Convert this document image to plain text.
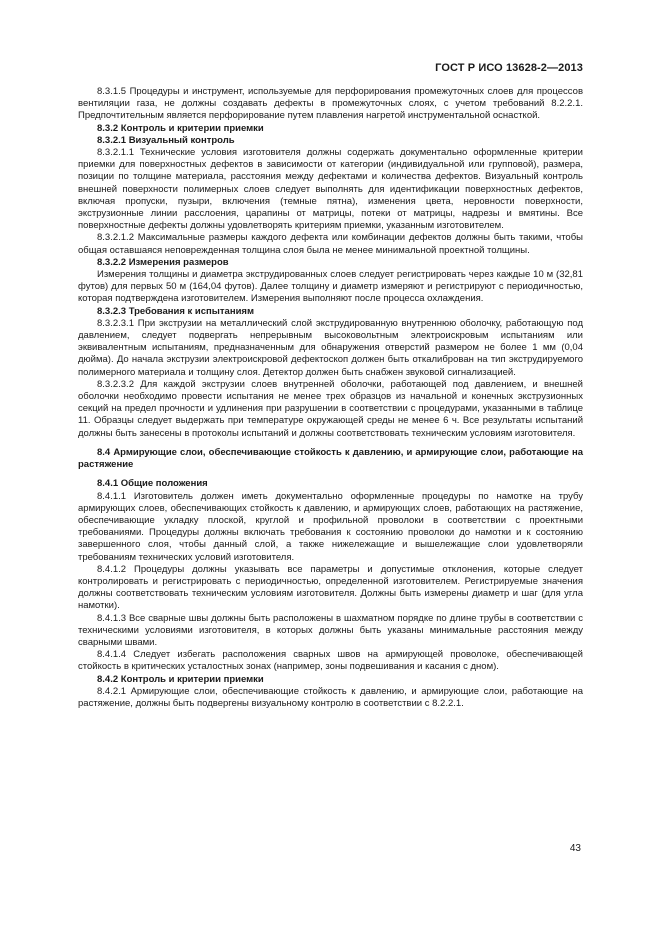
ГОСТ Р ИСО 13628-2—2013

8.3.1.5 Процедуры и инструмент, используемые для перфорирования промежуточных слоев для процессов вентиляции газа, не должны создавать дефекты в промежуточных слоях, с учетом требований 8.2.2.1. Предпочтительным является перфорирование путем плавления нагретой инструментальной оснасткой.

8.3.2 Контроль и критерии приемки

8.3.2.1 Визуальный контроль

8.3.2.1.1 Технические условия изготовителя должны содержать документально оформленные критерии приемки для поверхностных дефектов в зависимости от категории (индивидуальной или групповой), размера, позиции по толщине материала, расстояния между дефектами и количества дефектов. Визуальный контроль внешней поверхности полимерных слоев следует выполнять для идентификации поверхностных дефектов, включая пропуски, пузыри, включения (темные пятна), изменения цвета, неровности поверхности, экструзионные линии расслоения, царапины от матрицы, потеки от матрицы, надрезы и вмятины. Все поверхностные дефекты должны удовлетворять критериям приемки, указанным изготовителем.

8.3.2.1.2 Максимальные размеры каждого дефекта или комбинации дефектов должны быть такими, чтобы общая оставшаяся неповрежденная толщина слоя была не менее минимальной проектной толщины.

8.3.2.2 Измерения размеров

Измерения толщины и диаметра экструдированных слоев следует регистрировать через каждые 10 м (32,81 футов) для первых 50 м (164,04 футов). Далее толщину и диаметр измеряют и регистрируют с периодичностью, которая подтверждена изготовителем. Измерения выполняют после процесса охлаждения.

8.3.2.3 Требования к испытаниям

8.3.2.3.1 При экструзии на металлический слой экструдированную внутреннюю оболочку, работающую под давлением, следует подвергать непрерывным высоковольтным электроискровым испытаниям или эквивалентным испытаниям, предназначенным для обнаружения отверстий размером не более 1 мм (0,04 дюйма). До начала экструзии электроискровой дефектоскоп должен быть откалиброван на тип экструдируемого полимерного материала и толщину слоя. Детектор должен быть снабжен звуковой сигнализацией.

8.3.2.3.2 Для каждой экструзии слоев внутренней оболочки, работающей под давлением, и внешней оболочки необходимо провести испытания не менее трех образцов из начальной и конечных экструзионных секций на предел прочности и удлинения при разрушении в соответствии с процедурами, указанными в таблице 11. Образцы следует выдержать при температуре окружающей среды не менее 6 ч. Все результаты испытаний должны быть занесены в протоколы испытаний и должны соответствовать техническим условиям изготовителя.

8.4 Армирующие слои, обеспечивающие стойкость к давлению, и армирующие слои, работающие на растяжение

8.4.1 Общие положения

8.4.1.1 Изготовитель должен иметь документально оформленные процедуры по намотке на трубу армирующих слоев, обеспечивающих стойкость к давлению, и армирующих слоев, работающих на растяжение, обеспечивающие укладку плоской, круглой и профильной проволоки в соответствии с проектными требованиями. Процедуры должны включать требования к состоянию проволоки до намотки и к состоянию завершенного слоя, чтобы данный слой, а также нижележащие и вышележащие слои удовлетворяли требованиям технических условий изготовителя.

8.4.1.2 Процедуры должны указывать все параметры и допустимые отклонения, которые следует контролировать и регистрировать с периодичностью, определенной изготовителем. Регистрируемые значения должны соответствовать техническим условиям изготовителя. Должны быть измерены диаметр и шаг (для угла намотки).

8.4.1.3 Все сварные швы должны быть расположены в шахматном порядке по длине трубы в соответствии с техническими условиями изготовителя, в которых должны быть указаны минимальные расстояния между сварными швами.

8.4.1.4 Следует избегать расположения сварных швов на армирующей проволоке, обеспечивающей стойкость в критических усталостных зонах (например, зоны подвешивания и касания с дном).

8.4.2 Контроль и критерии приемки

8.4.2.1 Армирующие слои, обеспечивающие стойкость к давлению, и армирующие слои, работающие на растяжение, должны быть подвергены визуальному контролю в соответствии с 8.2.2.1.

43
